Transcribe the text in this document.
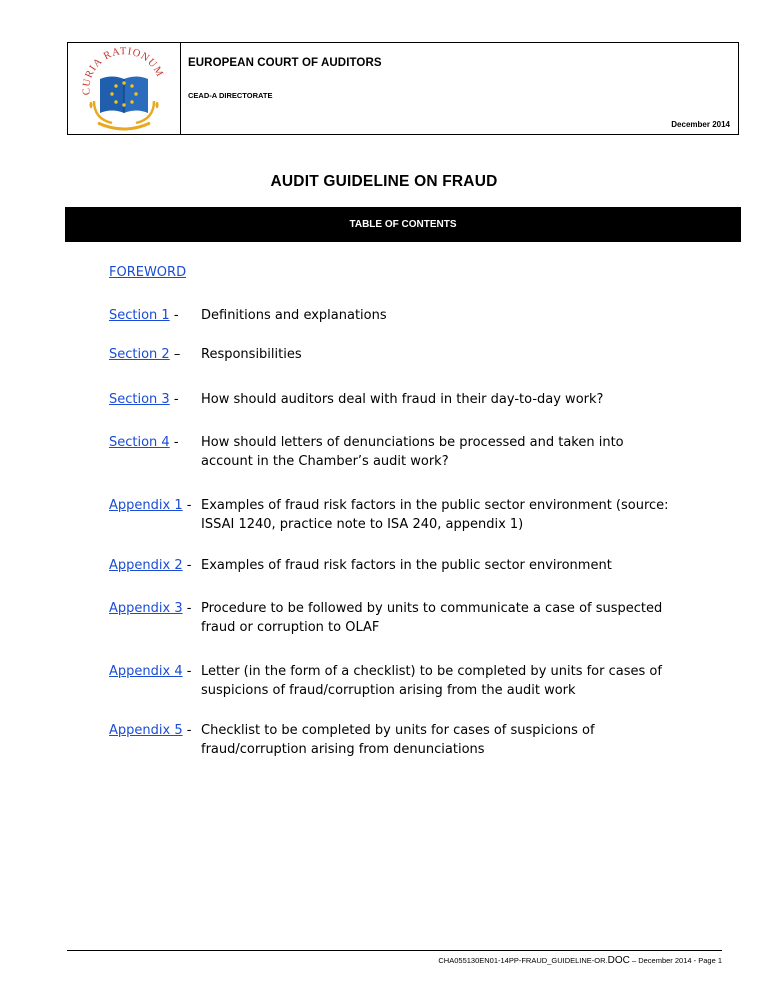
CURIA RATIONUM
EUROPEAN COURT OF AUDITORS
CEAD-A DIRECTORATE
December 2014
AUDIT GUIDELINE ON FRAUD
TABLE OF CONTENTS
FOREWORD
Section 1 - Definitions and explanations
Section 2 – Responsibilities
Section 3 - How should auditors deal with fraud in their day-to-day work?
Section 4 - How should letters of denunciations be processed and taken into account in the Chamber’s audit work?
Appendix 1 - Examples of fraud risk factors in the public sector environment (source: ISSAI 1240, practice note to ISA 240, appendix 1)
Appendix 2 - Examples of fraud risk factors in the public sector environment
Appendix 3 - Procedure to be followed by units to communicate a case of suspected fraud or corruption to OLAF
Appendix 4 - Letter (in the form of a checklist) to be completed by units for cases of suspicions of fraud/corruption arising from the audit work
Appendix 5 - Checklist to be completed by units for cases of suspicions of fraud/corruption arising from denunciations
CHA055130EN01-14PP-FRAUD_GUIDELINE-OR.DOC – December 2014 - Page 1
